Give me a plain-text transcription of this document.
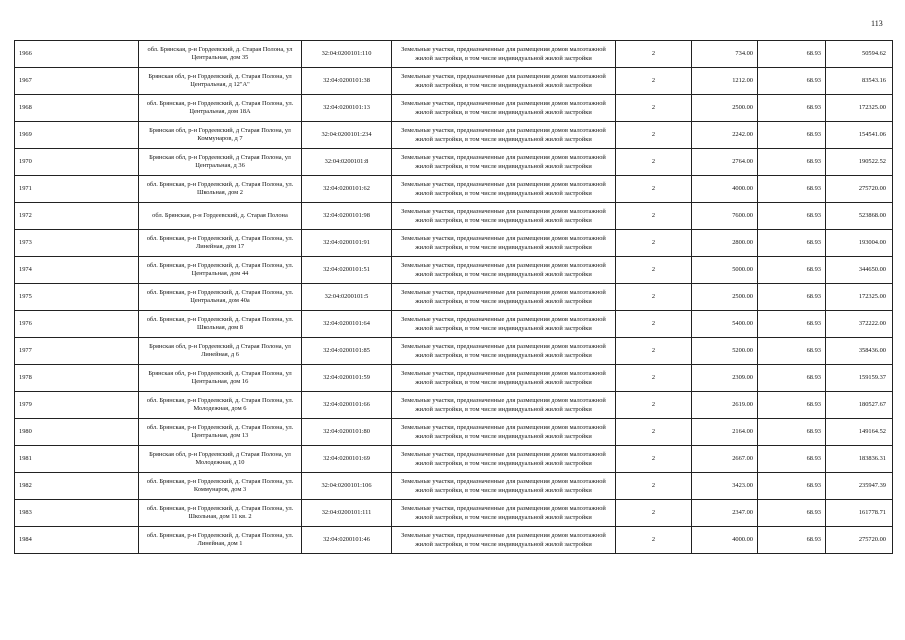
113
1966	обл. Брянская, р-н Гордеевский, д. Старая Полона, ул Центральная, дом 35	32:04:0200101:110	Земельные участки, предназначенные для размещения домов малоэтажной жилой застройки, в том числе индивидуальной жилой застройки	2	734.00	68.93	50594.62
1967	Брянская обл, р-н Гордеевский, д. Старая Полона, ул Центральная, д 12"А"	32:04:0200101:38	Земельные участки, предназначенные для размещения домов малоэтажной жилой застройки, в том числе индивидуальной жилой застройки	2	1212.00	68.93	83543.16
1968	обл. Брянская, р-н Гордеевский, д. Старая Полона, ул. Центральная, дом 18А	32:04:0200101:13	Земельные участки, предназначенные для размещения домов малоэтажной жилой застройки, в том числе индивидуальной жилой застройки	2	2500.00	68.93	172325.00
1969	Брянская обл, р-н Гордеевский, д Старая Полона, ул Коммунаров, д 7	32:04:0200101:234	Земельные участки, предназначенные для размещения домов малоэтажной жилой застройки, в том числе индивидуальной жилой застройки	2	2242.00	68.93	154541.06
1970	Брянская обл, р-н Гордеевский, д Старая Полона, ул Центральная, д 36	32:04:0200101:8	Земельные участки, предназначенные для размещения домов малоэтажной жилой застройки, в том числе индивидуальной жилой застройки	2	2764.00	68.93	190522.52
1971	обл. Брянская, р-н Гордеевский, д. Старая Полона, ул. Школьная, дом 2	32:04:0200101:62	Земельные участки, предназначенные для размещения домов малоэтажной жилой застройки, в том числе индивидуальной жилой застройки	2	4000.00	68.93	275720.00
1972	обл. Брянская, р-н Гордеевский, д. Старая Полона	32:04:0200101:98	Земельные участки, предназначенные для размещения домов малоэтажной жилой застройки, в том числе индивидуальной жилой застройки	2	7600.00	68.93	523868.00
1973	обл. Брянская, р-н Гордеевский, д. Старая Полона, ул. Линейная, дом 17	32:04:0200101:91	Земельные участки, предназначенные для размещения домов малоэтажной жилой застройки, в том числе индивидуальной жилой застройки	2	2800.00	68.93	193004.00
1974	обл. Брянская, р-н Гордеевский, д. Старая Полона, ул. Центральная, дом 44	32:04:0200101:51	Земельные участки, предназначенные для размещения домов малоэтажной жилой застройки, в том числе индивидуальной жилой застройки	2	5000.00	68.93	344650.00
1975	обл. Брянская, р-н Гордеевский, д. Старая Полона, ул. Центральная, дом 40а	32:04:0200101:5	Земельные участки, предназначенные для размещения домов малоэтажной жилой застройки, в том числе индивидуальной жилой застройки	2	2500.00	68.93	172325.00
1976	обл. Брянская, р-н Гордеевский, д. Старая Полона, ул. Школьная, дом 8	32:04:0200101:64	Земельные участки, предназначенные для размещения домов малоэтажной жилой застройки, в том числе индивидуальной жилой застройки	2	5400.00	68.93	372222.00
1977	Брянская обл, р-н Гордеевский, д Старая Полона, ул Линейная, д 6	32:04:0200101:85	Земельные участки, предназначенные для размещения домов малоэтажной жилой застройки, в том числе индивидуальной жилой застройки	2	5200.00	68.93	358436.00
1978	Брянская обл, р-н Гордеевский, д. Старая Полона, ул Центральная, дом 16	32:04:0200101:59	Земельные участки, предназначенные для размещения домов малоэтажной жилой застройки, в том числе индивидуальной жилой застройки	2	2309.00	68.93	159159.37
1979	обл. Брянская, р-н Гордеевский, д. Старая Полона, ул. Молодежная, дом 6	32:04:0200101:66	Земельные участки, предназначенные для размещения домов малоэтажной жилой застройки, в том числе индивидуальной жилой застройки	2	2619.00	68.93	180527.67
1980	обл. Брянская, р-н Гордеевский, д. Старая Полона, ул. Центральная, дом 13	32:04:0200101:80	Земельные участки, предназначенные для размещения домов малоэтажной жилой застройки, в том числе индивидуальной жилой застройки	2	2164.00	68.93	149164.52
1981	Брянская обл, р-н Гордеевский, д Старая Полона, ул Молодежная, д 10	32:04:0200101:69	Земельные участки, предназначенные для размещения домов малоэтажной жилой застройки, в том числе индивидуальной жилой застройки	2	2667.00	68.93	183836.31
1982	обл. Брянская, р-н Гордеевский, д. Старая Полона, ул. Коммунаров, дом 3	32:04:0200101:106	Земельные участки, предназначенные для размещения домов малоэтажной жилой застройки, в том числе индивидуальной жилой застройки	2	3423.00	68.93	235947.39
1983	обл. Брянская, р-н Гордеевский, д. Старая Полона, ул. Школьная, дом 11 кв. 2	32:04:0200101:111	Земельные участки, предназначенные для размещения домов малоэтажной жилой застройки, в том числе индивидуальной жилой застройки	2	2347.00	68.93	161778.71
1984	обл. Брянская, р-н Гордеевский, д. Старая Полона, ул. Линейная, дом 1	32:04:0200101:46	Земельные участки, предназначенные для размещения домов малоэтажной жилой застройки, в том числе индивидуальной жилой застройки	2	4000.00	68.93	275720.00
